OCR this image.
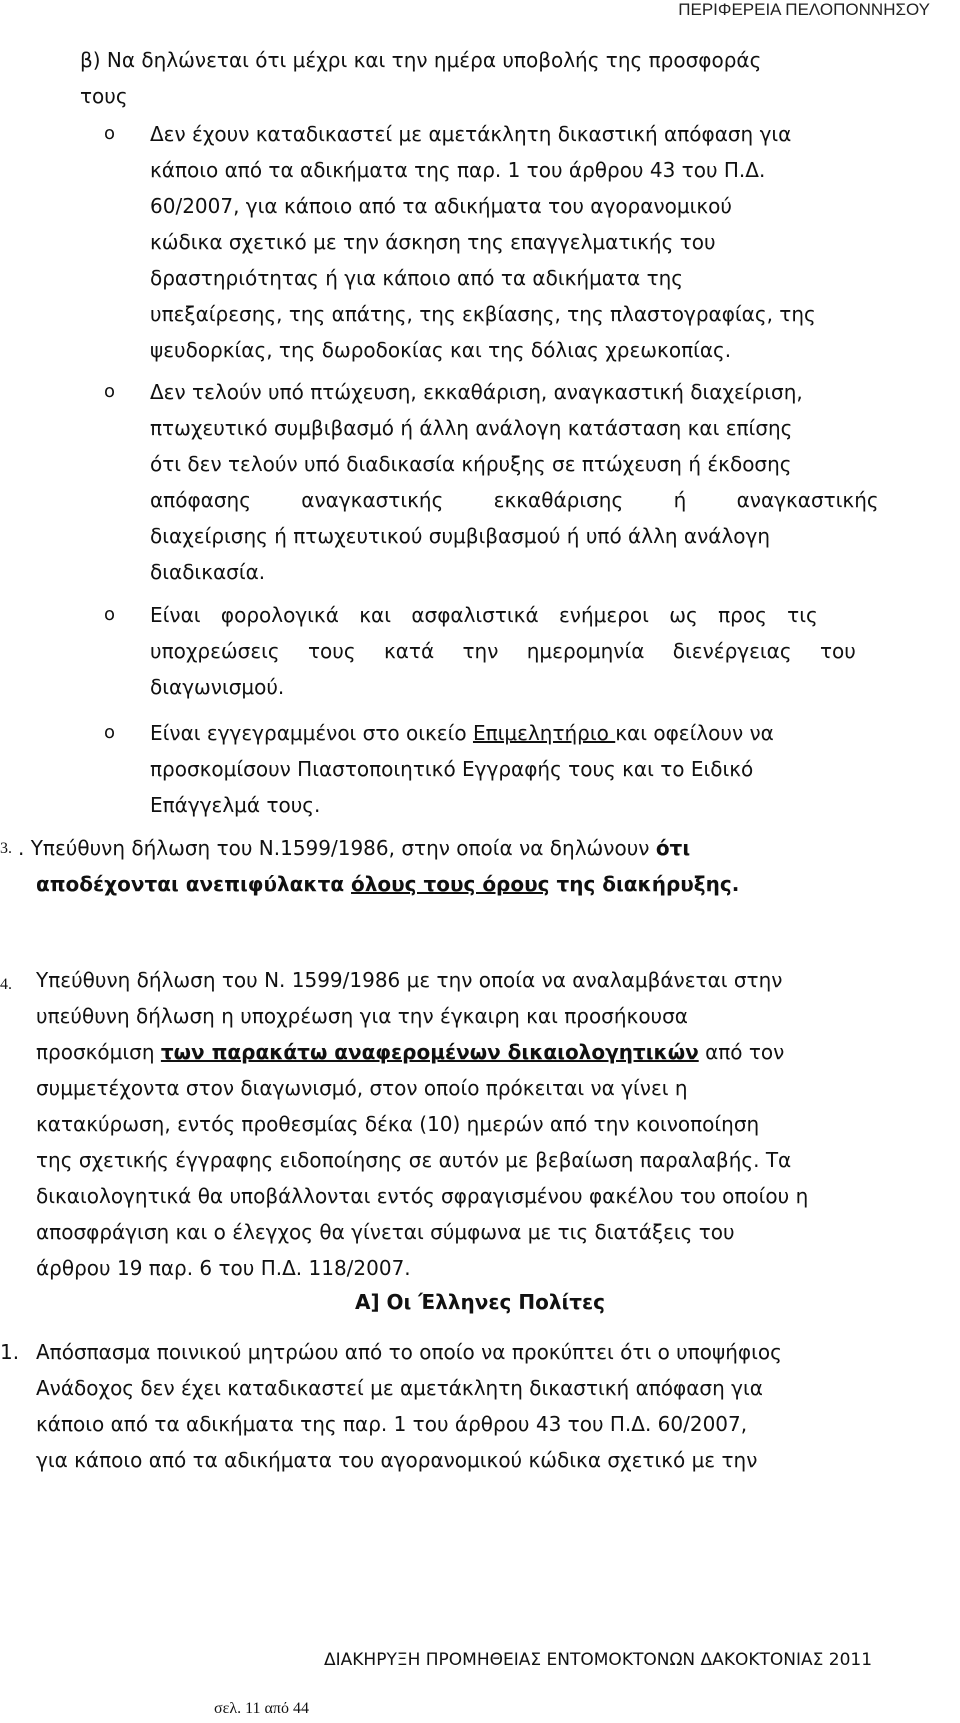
ΠΕΡΙΦΕΡΕΙΑ ΠΕΛΟΠΟΝΝΗΣΟΥ
β) Να δηλώνεται ότι μέχρι και την ημέρα υποβολής της προσφοράς
τους
o Δεν έχουν καταδικαστεί με αμετάκλητη δικαστική απόφαση για
κάποιο από τα αδικήματα της παρ. 1 του άρθρου 43 του Π.Δ.
60/2007, για κάποιο από τα αδικήματα του αγορανομικού
κώδικα σχετικό με την άσκηση της επαγγελματικής του
δραστηριότητας ή για κάποιο από τα αδικήματα της
υπεξαίρεσης, της απάτης, της εκβίασης, της πλαστογραφίας, της
ψευδορκίας, της δωροδοκίας και της δόλιας χρεωκοπίας.
o Δεν τελούν υπό πτώχευση, εκκαθάριση, αναγκαστική διαχείριση,
πτωχευτικό συμβιβασμό ή άλλη ανάλογη κατάσταση και επίσης
ότι δεν τελούν υπό διαδικασία κήρυξης σε πτώχευση ή έκδοσης
απόφασης αναγκαστικής εκκαθάρισης ή αναγκαστικής
διαχείρισης ή πτωχευτικού συμβιβασμού ή υπό άλλη ανάλογη
διαδικασία.
o Είναι φορολογικά και ασφαλιστικά ενήμεροι ως προς τις
υποχρεώσεις τους κατά την ημερομηνία διενέργειας του
διαγωνισμού.
o Είναι εγγεγραμμένοι στο οικείο Επιμελητήριο και οφείλουν να
προσκομίσουν Πιαστοποιητικό Εγγραφής τους και το Ειδικό
Επάγγελμά τους.
3. . Υπεύθυνη δήλωση του Ν.1599/1986, στην οποία να δηλώνουν ότι
αποδέχονται ανεπιφύλακτα όλους τους όρους της διακήρυξης.
4. Υπεύθυνη δήλωση του Ν. 1599/1986 με την οποία να αναλαμβάνεται στην
υπεύθυνη δήλωση η υποχρέωση για την έγκαιρη και προσήκουσα
προσκόμιση των παρακάτω αναφερομένων δικαιολογητικών από τον
συμμετέχοντα στον διαγωνισμό, στον οποίο πρόκειται να γίνει η
κατακύρωση, εντός προθεσμίας δέκα (10) ημερών από την κοινοποίηση
της σχετικής έγγραφης ειδοποίησης σε αυτόν με βεβαίωση παραλαβής. Τα
δικαιολογητικά θα υποβάλλονται εντός σφραγισμένου φακέλου του οποίου η
αποσφράγιση και ο έλεγχος θα γίνεται σύμφωνα με τις διατάξεις του
άρθρου 19 παρ. 6 του Π.Δ. 118/2007.
Α] Οι Έλληνες Πολίτες
1. Απόσπασμα ποινικού μητρώου από το οποίο να προκύπτει ότι ο υποψήφιος
Ανάδοχος δεν έχει καταδικαστεί με αμετάκλητη δικαστική απόφαση για
κάποιο από τα αδικήματα της παρ. 1 του άρθρου 43 του Π.Δ. 60/2007,
για κάποιο από τα αδικήματα του αγορανομικού κώδικα σχετικό με την
ΔΙΑΚΗΡΥΞΗ ΠΡΟΜΗΘΕΙΑΣ ΕΝΤΟΜΟΚΤΟΝΩΝ ΔΑΚΟΚΤΟΝΙΑΣ 2011
σελ. 11 από 44
